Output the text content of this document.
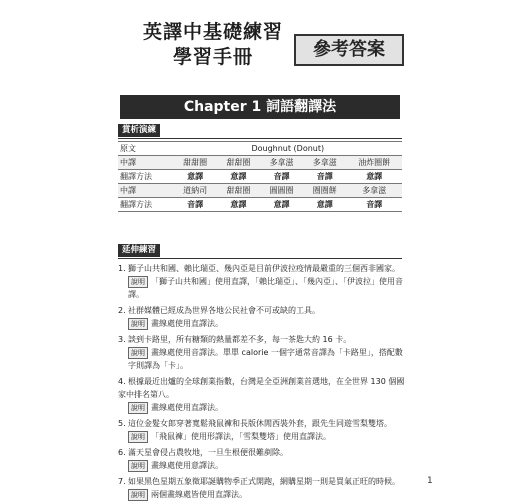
英譯中基礎練習
學習手冊	參考答案
Chapter 1 詞語翻譯法
賞析演練
原文	Doughnut (Donut)				
中譯	甜甜圈	甜甜圈	多拿滋	多拿滋	油炸圈餅
翻譯方法	意譯	意譯	音譯	音譯	意譯
中譯	道納司	甜甜圈	圓圓圈	圈圈餅	多拿滋
翻譯方法	音譯	意譯	意譯	意譯	音譯
延伸練習
1. 獅子山共和國、賴比瑞亞、幾內亞是目前伊波拉疫情最嚴重的三個西非國家。
說明 「獅子山共和國」使用直譯，「賴比瑞亞」、「幾內亞」、「伊波拉」使用音譯。
2. 社群媒體已經成為世界各地公民社會不可或缺的工具。
說明 畫線處使用直譯法。
3. 談到卡路里，所有糖類的熱量都差不多，每一茶匙大約 16 卡。
說明 畫線處使用音譯法。單單 calorie 一個字通常音譯為「卡路里」，搭配數字則譯為「卡」。
4. 根據最近出爐的全球創業指數，台灣是全亞洲創業首選地，在全世界 130 個國家中排名第八。
說明 畫線處使用直譯法。
5. 這位金髮女郎穿著寬鬆飛鼠褲和長版休閒西裝外套，跟先生同遊雪梨雙塔。
說明 「飛鼠褲」使用形譯法，「雪梨雙塔」使用直譯法。
6. 滿天星會侵占農牧地，一旦生根便很難剷除。
說明 畫線處使用意譯法。
7. 如果黑色星期五象徵耶誕購物季正式開跑，網購星期一則是買氣正旺的時候。
說明 兩個畫線處皆使用直譯法。
1
